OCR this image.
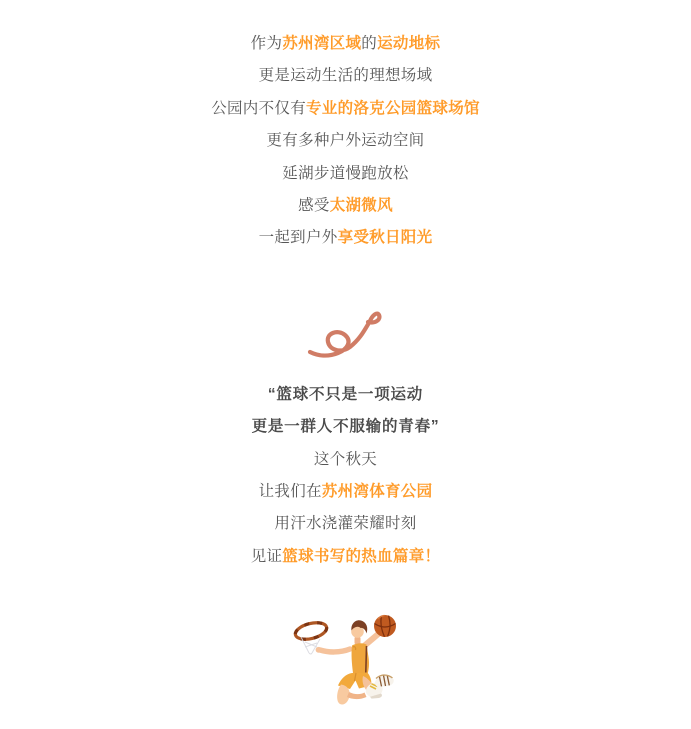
作为苏州湾区域的运动地标

更是运动生活的理想场域

公园内不仅有专业的洛克公园篮球场馆

更有多种户外运动空间

延湖步道慢跑放松

感受太湖微风

一起到户外享受秋日阳光

“篮球不只是一项运动

更是一群人不服输的青春”

这个秋天

让我们在苏州湾体育公园

用汗水浇灌荣耀时刻

见证篮球书写的热血篇章！
